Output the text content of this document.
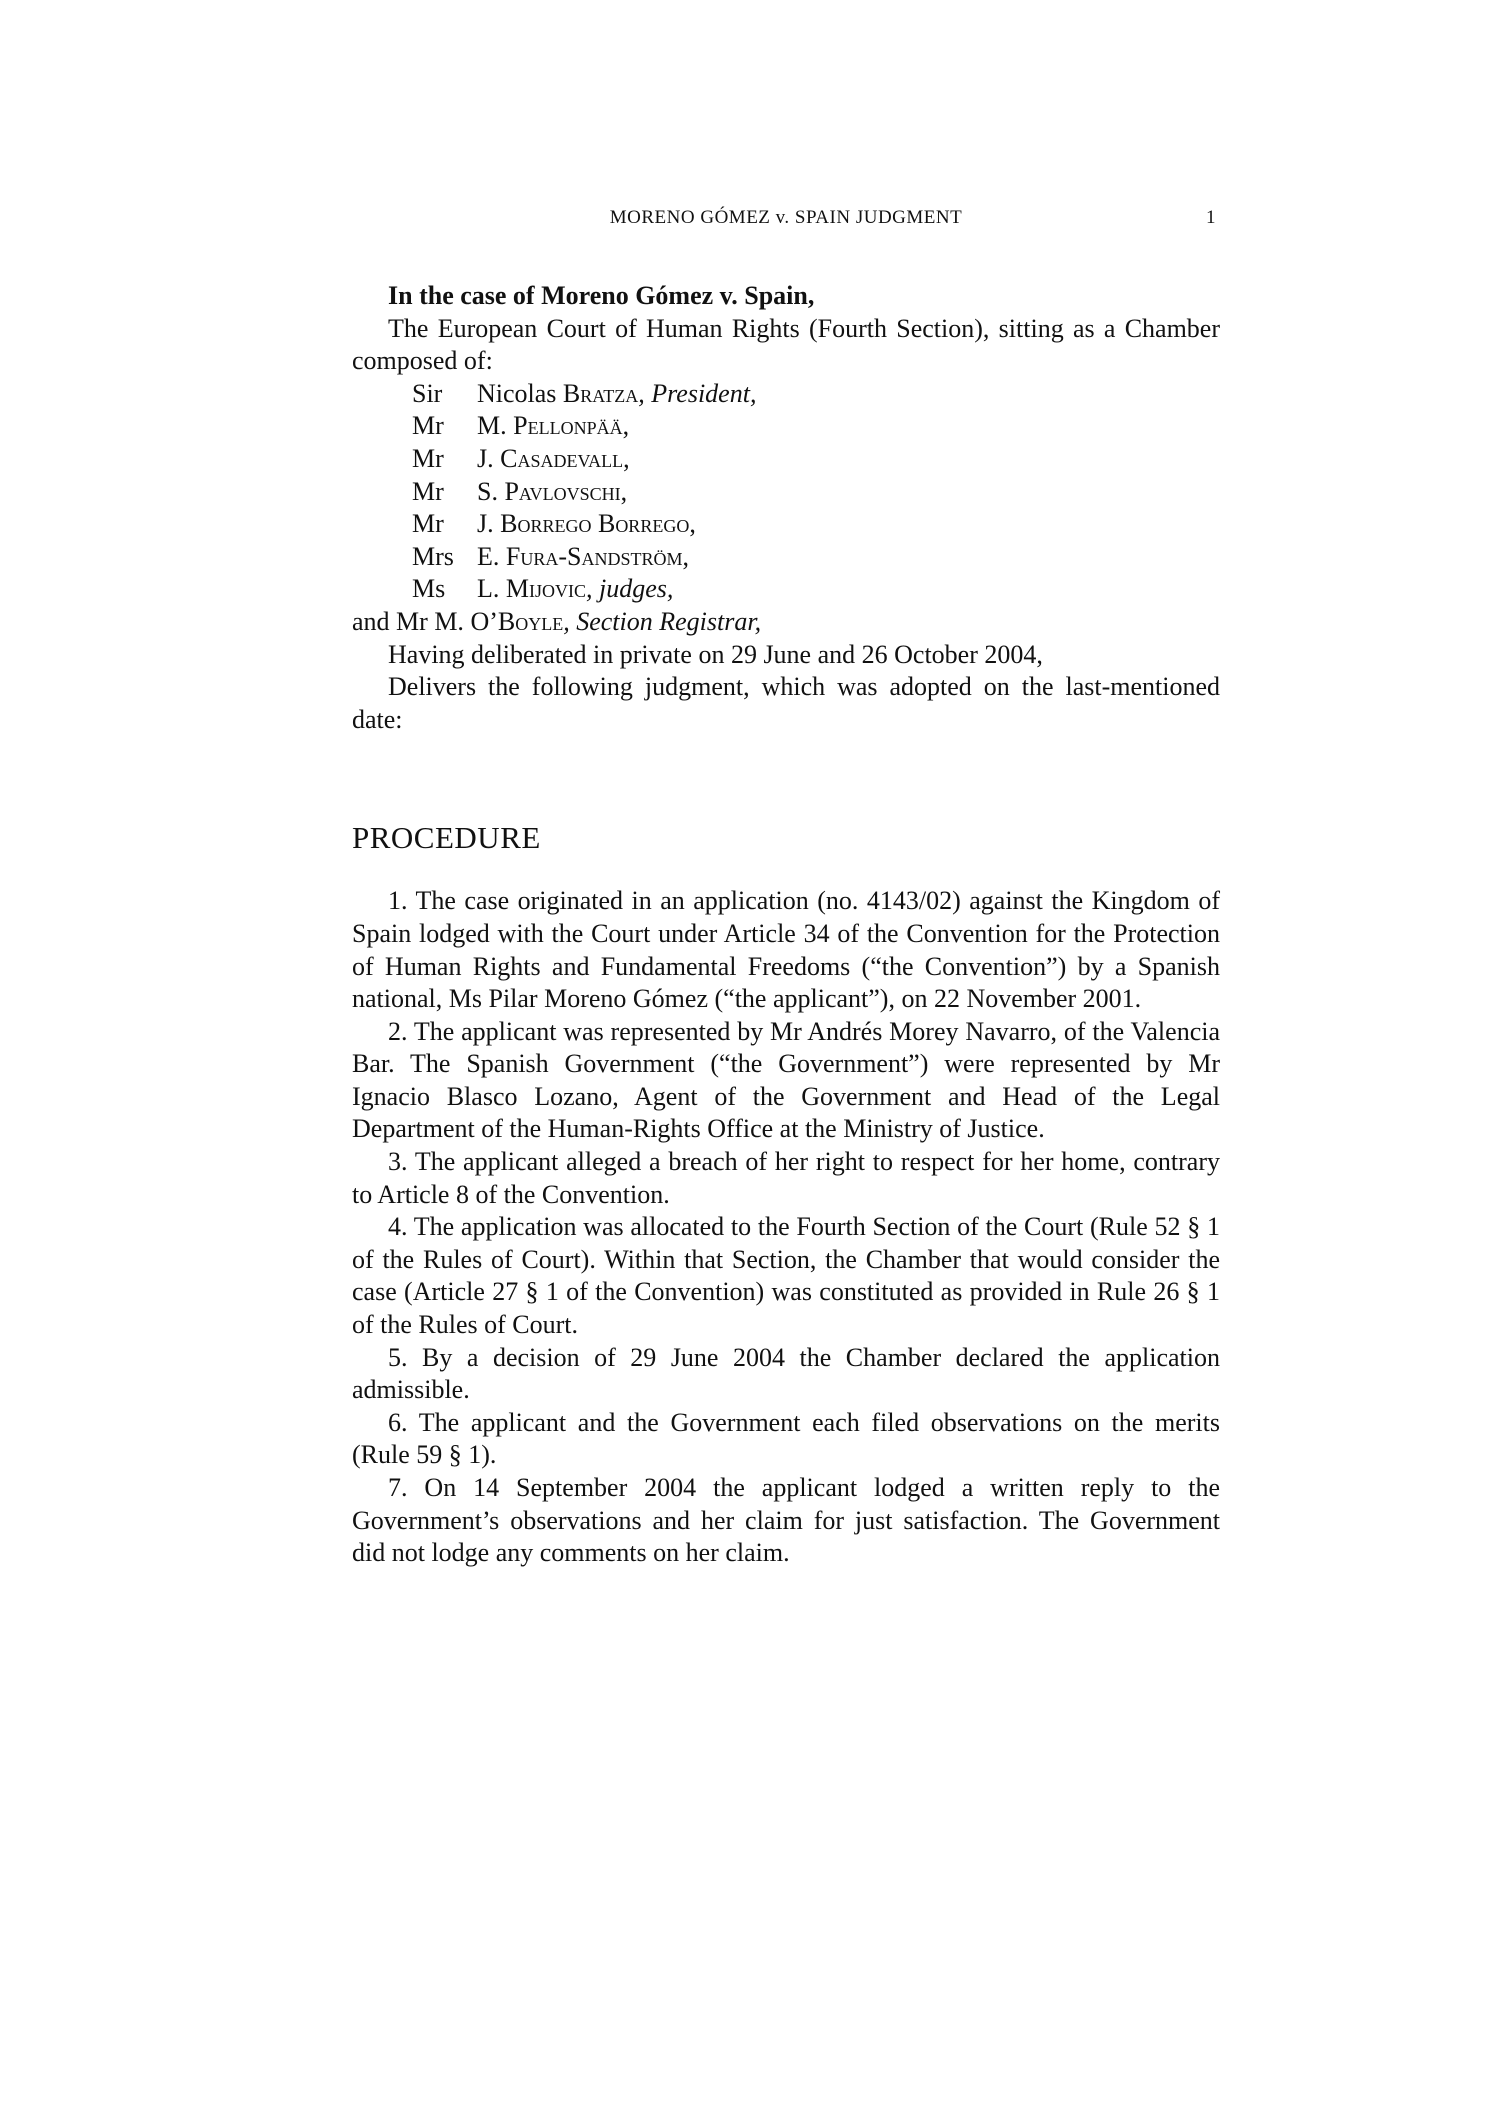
MORENO GÓMEZ v. SPAIN JUDGMENT	1

In the case of Moreno Gómez v. Spain,

The European Court of Human Rights (Fourth Section), sitting as a Chamber composed of:

Sir	Nicolas Bratza, President,
Mr	M. Pellonpää,
Mr	J. Casadevall,
Mr	S. Pavlovschi,
Mr	J. Borrego Borrego,
Mrs E. Fura-Sandström,
Ms	L. Mijovic, judges,

and Mr M. O’Boyle, Section Registrar,

Having deliberated in private on 29 June and 26 October 2004,

Delivers the following judgment, which was adopted on the last-mentioned date:

PROCEDURE

1. The case originated in an application (no. 4143/02) against the Kingdom of Spain lodged with the Court under Article 34 of the Convention for the Protection of Human Rights and Fundamental Freedoms (“the Convention”) by a Spanish national, Ms Pilar Moreno Gómez (“the applicant”), on 22 November 2001.

2. The applicant was represented by Mr Andrés Morey Navarro, of the Valencia Bar. The Spanish Government (“the Government”) were represented by Mr Ignacio Blasco Lozano, Agent of the Government and Head of the Legal Department of the Human-Rights Office at the Ministry of Justice.

3. The applicant alleged a breach of her right to respect for her home, contrary to Article 8 of the Convention.

4. The application was allocated to the Fourth Section of the Court (Rule 52 § 1 of the Rules of Court). Within that Section, the Chamber that would consider the case (Article 27 § 1 of the Convention) was constituted as provided in Rule 26 § 1 of the Rules of Court.

5. By a decision of 29 June 2004 the Chamber declared the application admissible.

6. The applicant and the Government each filed observations on the merits (Rule 59 § 1).

7. On 14 September 2004 the applicant lodged a written reply to the Government’s observations and her claim for just satisfaction. The Government did not lodge any comments on her claim.
